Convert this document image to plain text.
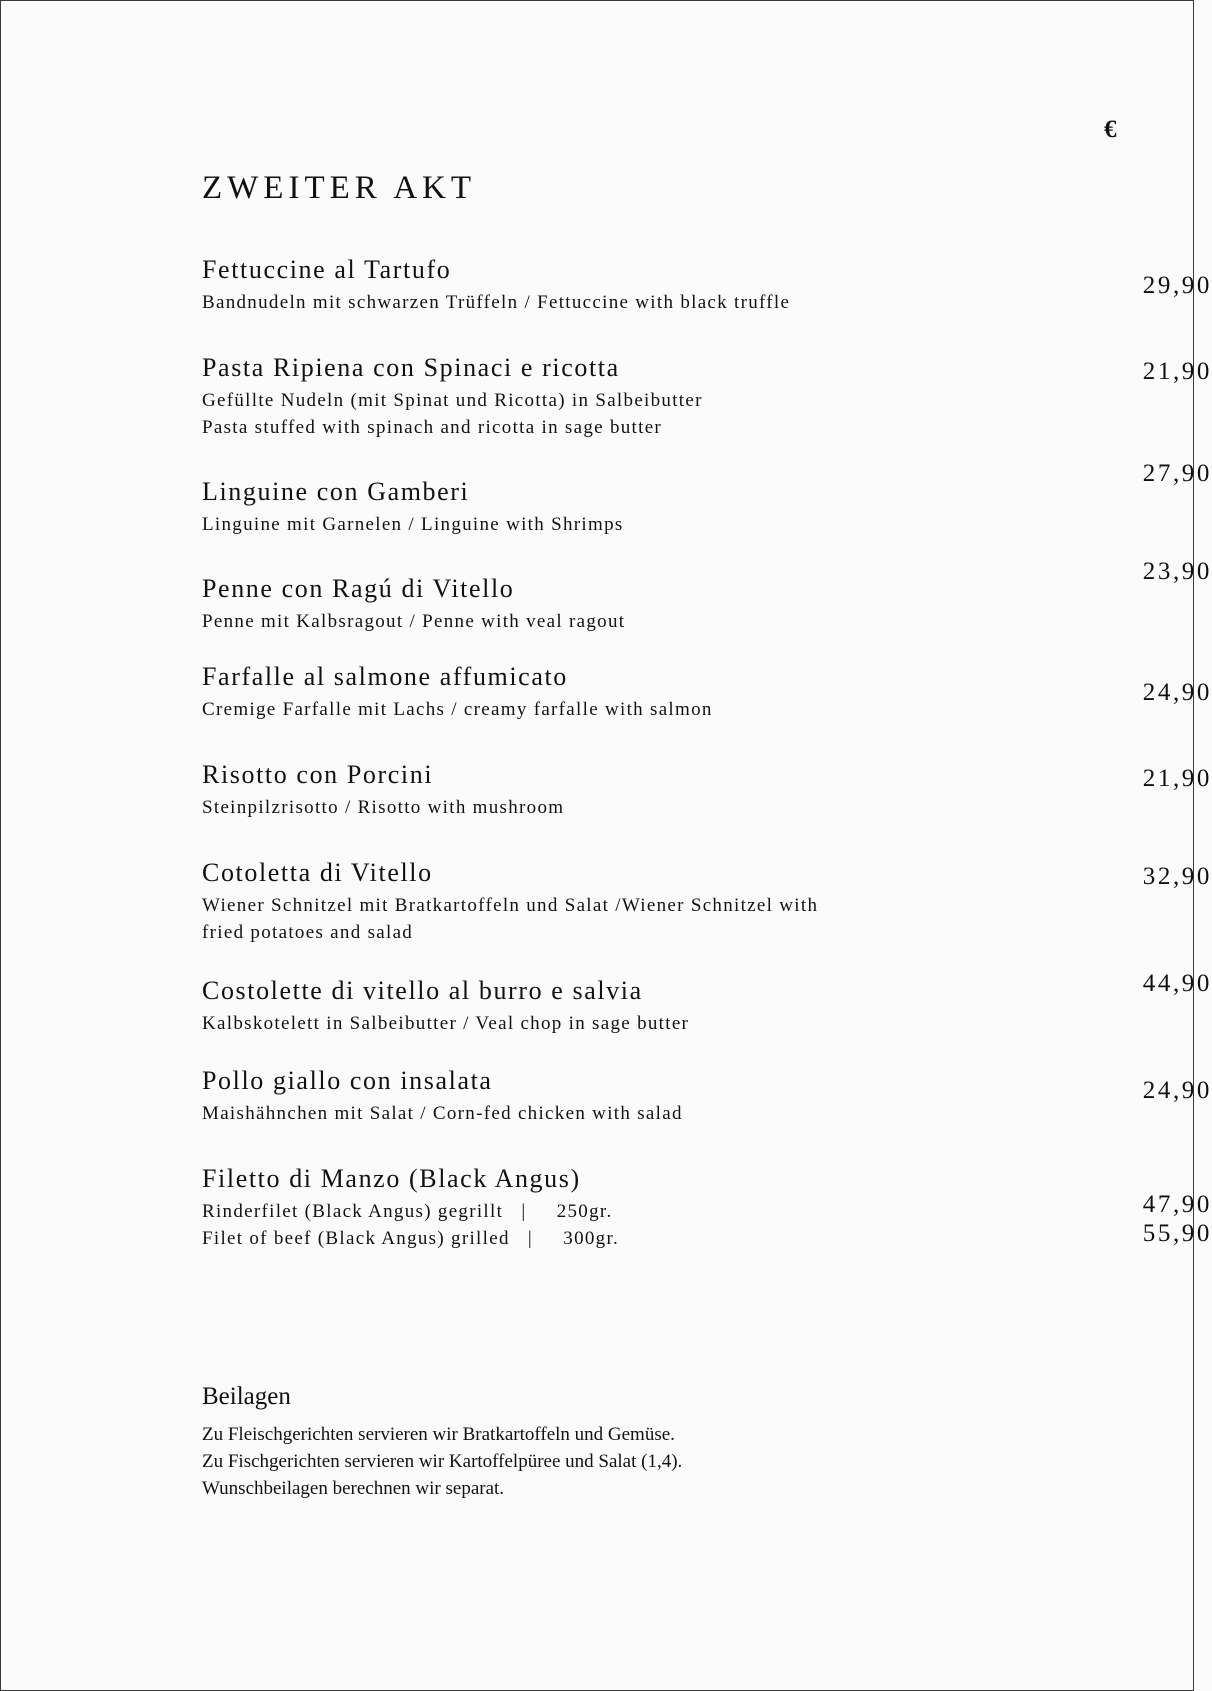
€
ZWEITER AKT
Fettuccine al Tartufo
Bandnudeln mit schwarzen Trüffeln / Fettuccine with black truffle
29,90
Pasta Ripiena con Spinaci e ricotta
Gefüllte Nudeln (mit Spinat und Ricotta) in Salbeibutter
Pasta stuffed with spinach and ricotta in sage butter
21,90
Linguine con Gamberi
Linguine mit Garnelen / Linguine with Shrimps
27,90
Penne con Ragú di Vitello
Penne mit Kalbsragout / Penne with veal ragout
23,90
Farfalle al salmone affumicato
Cremige Farfalle mit Lachs / creamy farfalle with salmon
24,90
Risotto con Porcini
Steinpilzrisotto / Risotto with mushroom
21,90
Cotoletta di Vitello
Wiener Schnitzel mit Bratkartoffeln und Salat /Wiener Schnitzel with
fried potatoes and salad
32,90
Costolette di vitello al burro e salvia
Kalbskotelett in Salbeibutter / Veal chop in sage butter
44,90
Pollo giallo con insalata
Maishähnchen mit Salat / Corn-fed chicken with salad
24,90
Filetto di Manzo (Black Angus)
Rinderfilet (Black Angus) gegrillt | 250gr.
Filet of beef (Black Angus) grilled | 300gr.
47,90
55,90
Beilagen
Zu Fleischgerichten servieren wir Bratkartoffeln und Gemüse.
Zu Fischgerichten servieren wir Kartoffelpüree und Salat (1,4).
Wunschbeilagen berechnen wir separat.
